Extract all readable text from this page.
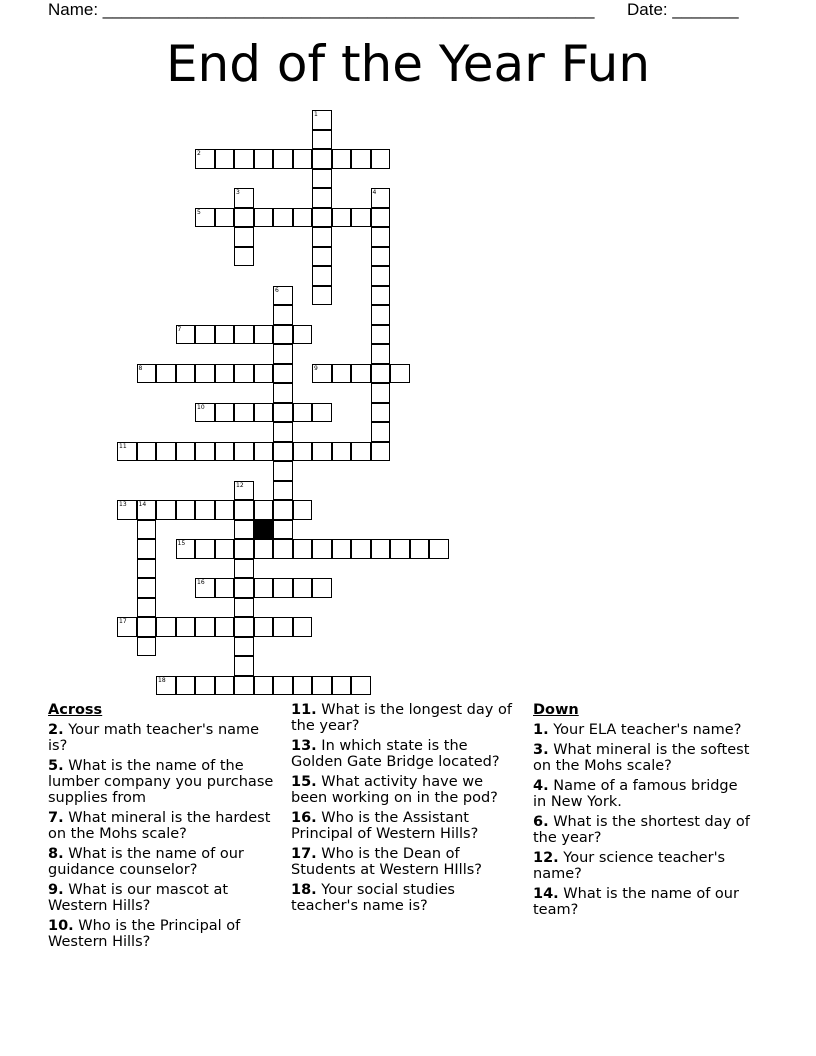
Name: ____________________________________________________ Date: _______
End of the Year Fun
1
2
3	4
5
6
7
8	9
10
11
12
13 14
15
16
17
18
Across
2. Your math teacher's name is?
5. What is the name of the lumber company you purchase supplies from
7. What mineral is the hardest on the Mohs scale?
8. What is the name of our guidance counselor?
9. What is our mascot at Western Hills?
10. Who is the Principal of Western Hills?
11. What is the longest day of the year?
13. In which state is the Golden Gate Bridge located?
15. What activity have we been working on in the pod?
16. Who is the Assistant Principal of Western Hills?
17. Who is the Dean of Students at Western HIlls?
18. Your social studies teacher's name is?
Down
1. Your ELA teacher's name?
3. What mineral is the softest on the Mohs scale?
4. Name of a famous bridge in New York.
6. What is the shortest day of the year?
12. Your science teacher's name?
14. What is the name of our team?
